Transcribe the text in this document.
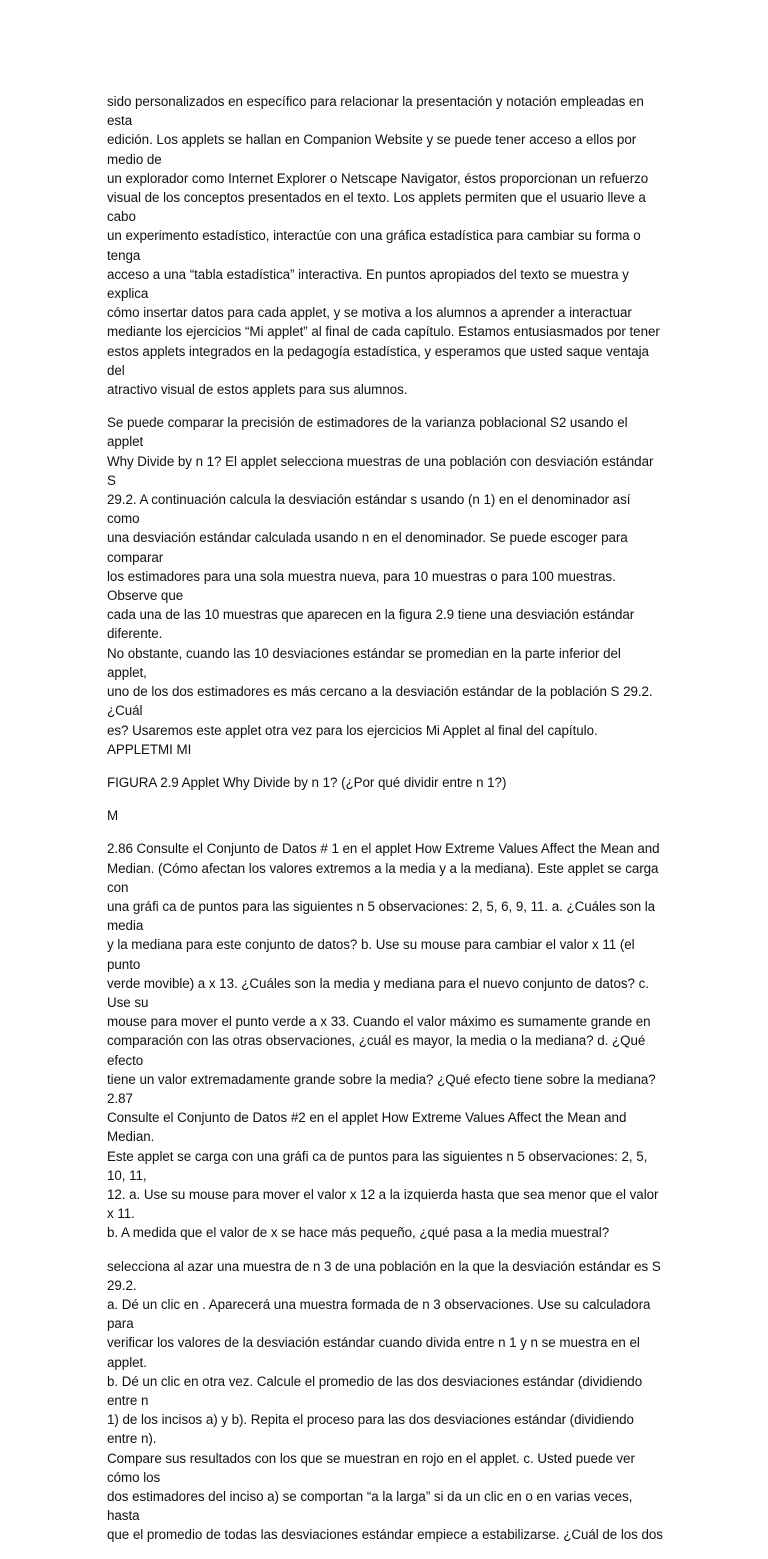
sido personalizados en específico para relacionar la presentación y notación empleadas en esta
edición. Los applets se hallan en Companion Website y se puede tener acceso a ellos por medio de
un explorador como Internet Explorer o Netscape Navigator, éstos proporcionan un refuerzo
visual de los conceptos presentados en el texto. Los applets permiten que el usuario lleve a cabo
un experimento estadístico, interactúe con una gráfica estadística para cambiar su forma o tenga
acceso a una “tabla estadística” interactiva. En puntos apropiados del texto se muestra y explica
cómo insertar datos para cada applet, y se motiva a los alumnos a aprender a interactuar
mediante los ejercicios “Mi applet” al final de cada capítulo. Estamos entusiasmados por tener
estos applets integrados en la pedagogía estadística, y esperamos que usted saque ventaja del
atractivo visual de estos applets para sus alumnos.

Se puede comparar la precisión de estimadores de la varianza poblacional S2 usando el applet
Why Divide by n 1? El applet selecciona muestras de una población con desviación estándar S
29.2. A continuación calcula la desviación estándar s usando (n 1) en el denominador así como
una desviación estándar calculada usando n en el denominador. Se puede escoger para comparar
los estimadores para una sola muestra nueva, para 10 muestras o para 100 muestras. Observe que
cada una de las 10 muestras que aparecen en la figura 2.9 tiene una desviación estándar diferente.
No obstante, cuando las 10 desviaciones estándar se promedian en la parte inferior del applet,
uno de los dos estimadores es más cercano a la desviación estándar de la población S 29.2. ¿Cuál
es? Usaremos este applet otra vez para los ejercicios Mi Applet al final del capítulo. APPLETMI MI

FIGURA 2.9 Applet Why Divide by n 1? (¿Por qué dividir entre n 1?)

M

2.86 Consulte el Conjunto de Datos # 1 en el applet How Extreme Values Affect the Mean and
Median. (Cómo afectan los valores extremos a la media y a la mediana). Este applet se carga con
una gráfi ca de puntos para las siguientes n 5 observaciones: 2, 5, 6, 9, 11. a. ¿Cuáles son la media
y la mediana para este conjunto de datos? b. Use su mouse para cambiar el valor x 11 (el punto
verde movible) a x 13. ¿Cuáles son la media y mediana para el nuevo conjunto de datos? c. Use su
mouse para mover el punto verde a x 33. Cuando el valor máximo es sumamente grande en
comparación con las otras observaciones, ¿cuál es mayor, la media o la mediana? d. ¿Qué efecto
tiene un valor extremadamente grande sobre la media? ¿Qué efecto tiene sobre la mediana? 2.87
Consulte el Conjunto de Datos #2 en el applet How Extreme Values Affect the Mean and Median.
Este applet se carga con una gráfi ca de puntos para las siguientes n 5 observaciones: 2, 5, 10, 11,
12. a. Use su mouse para mover el valor x 12 a la izquierda hasta que sea menor que el valor x 11.
b. A medida que el valor de x se hace más pequeño, ¿qué pasa a la media muestral?

selecciona al azar una muestra de n 3 de una población en la que la desviación estándar es S 29.2.
a. Dé un clic en . Aparecerá una muestra formada de n 3 observaciones. Use su calculadora para
verificar los valores de la desviación estándar cuando divida entre n 1 y n se muestra en el applet.
b. Dé un clic en otra vez. Calcule el promedio de las dos desviaciones estándar (dividiendo entre n
1) de los incisos a) y b). Repita el proceso para las dos desviaciones estándar (dividiendo entre n).
Compare sus resultados con los que se muestran en rojo en el applet. c. Usted puede ver cómo los
dos estimadores del inciso a) se comportan “a la larga” si da un clic en o en varias veces, hasta
que el promedio de todas las desviaciones estándar empiece a estabilizarse. ¿Cuál de los dos
